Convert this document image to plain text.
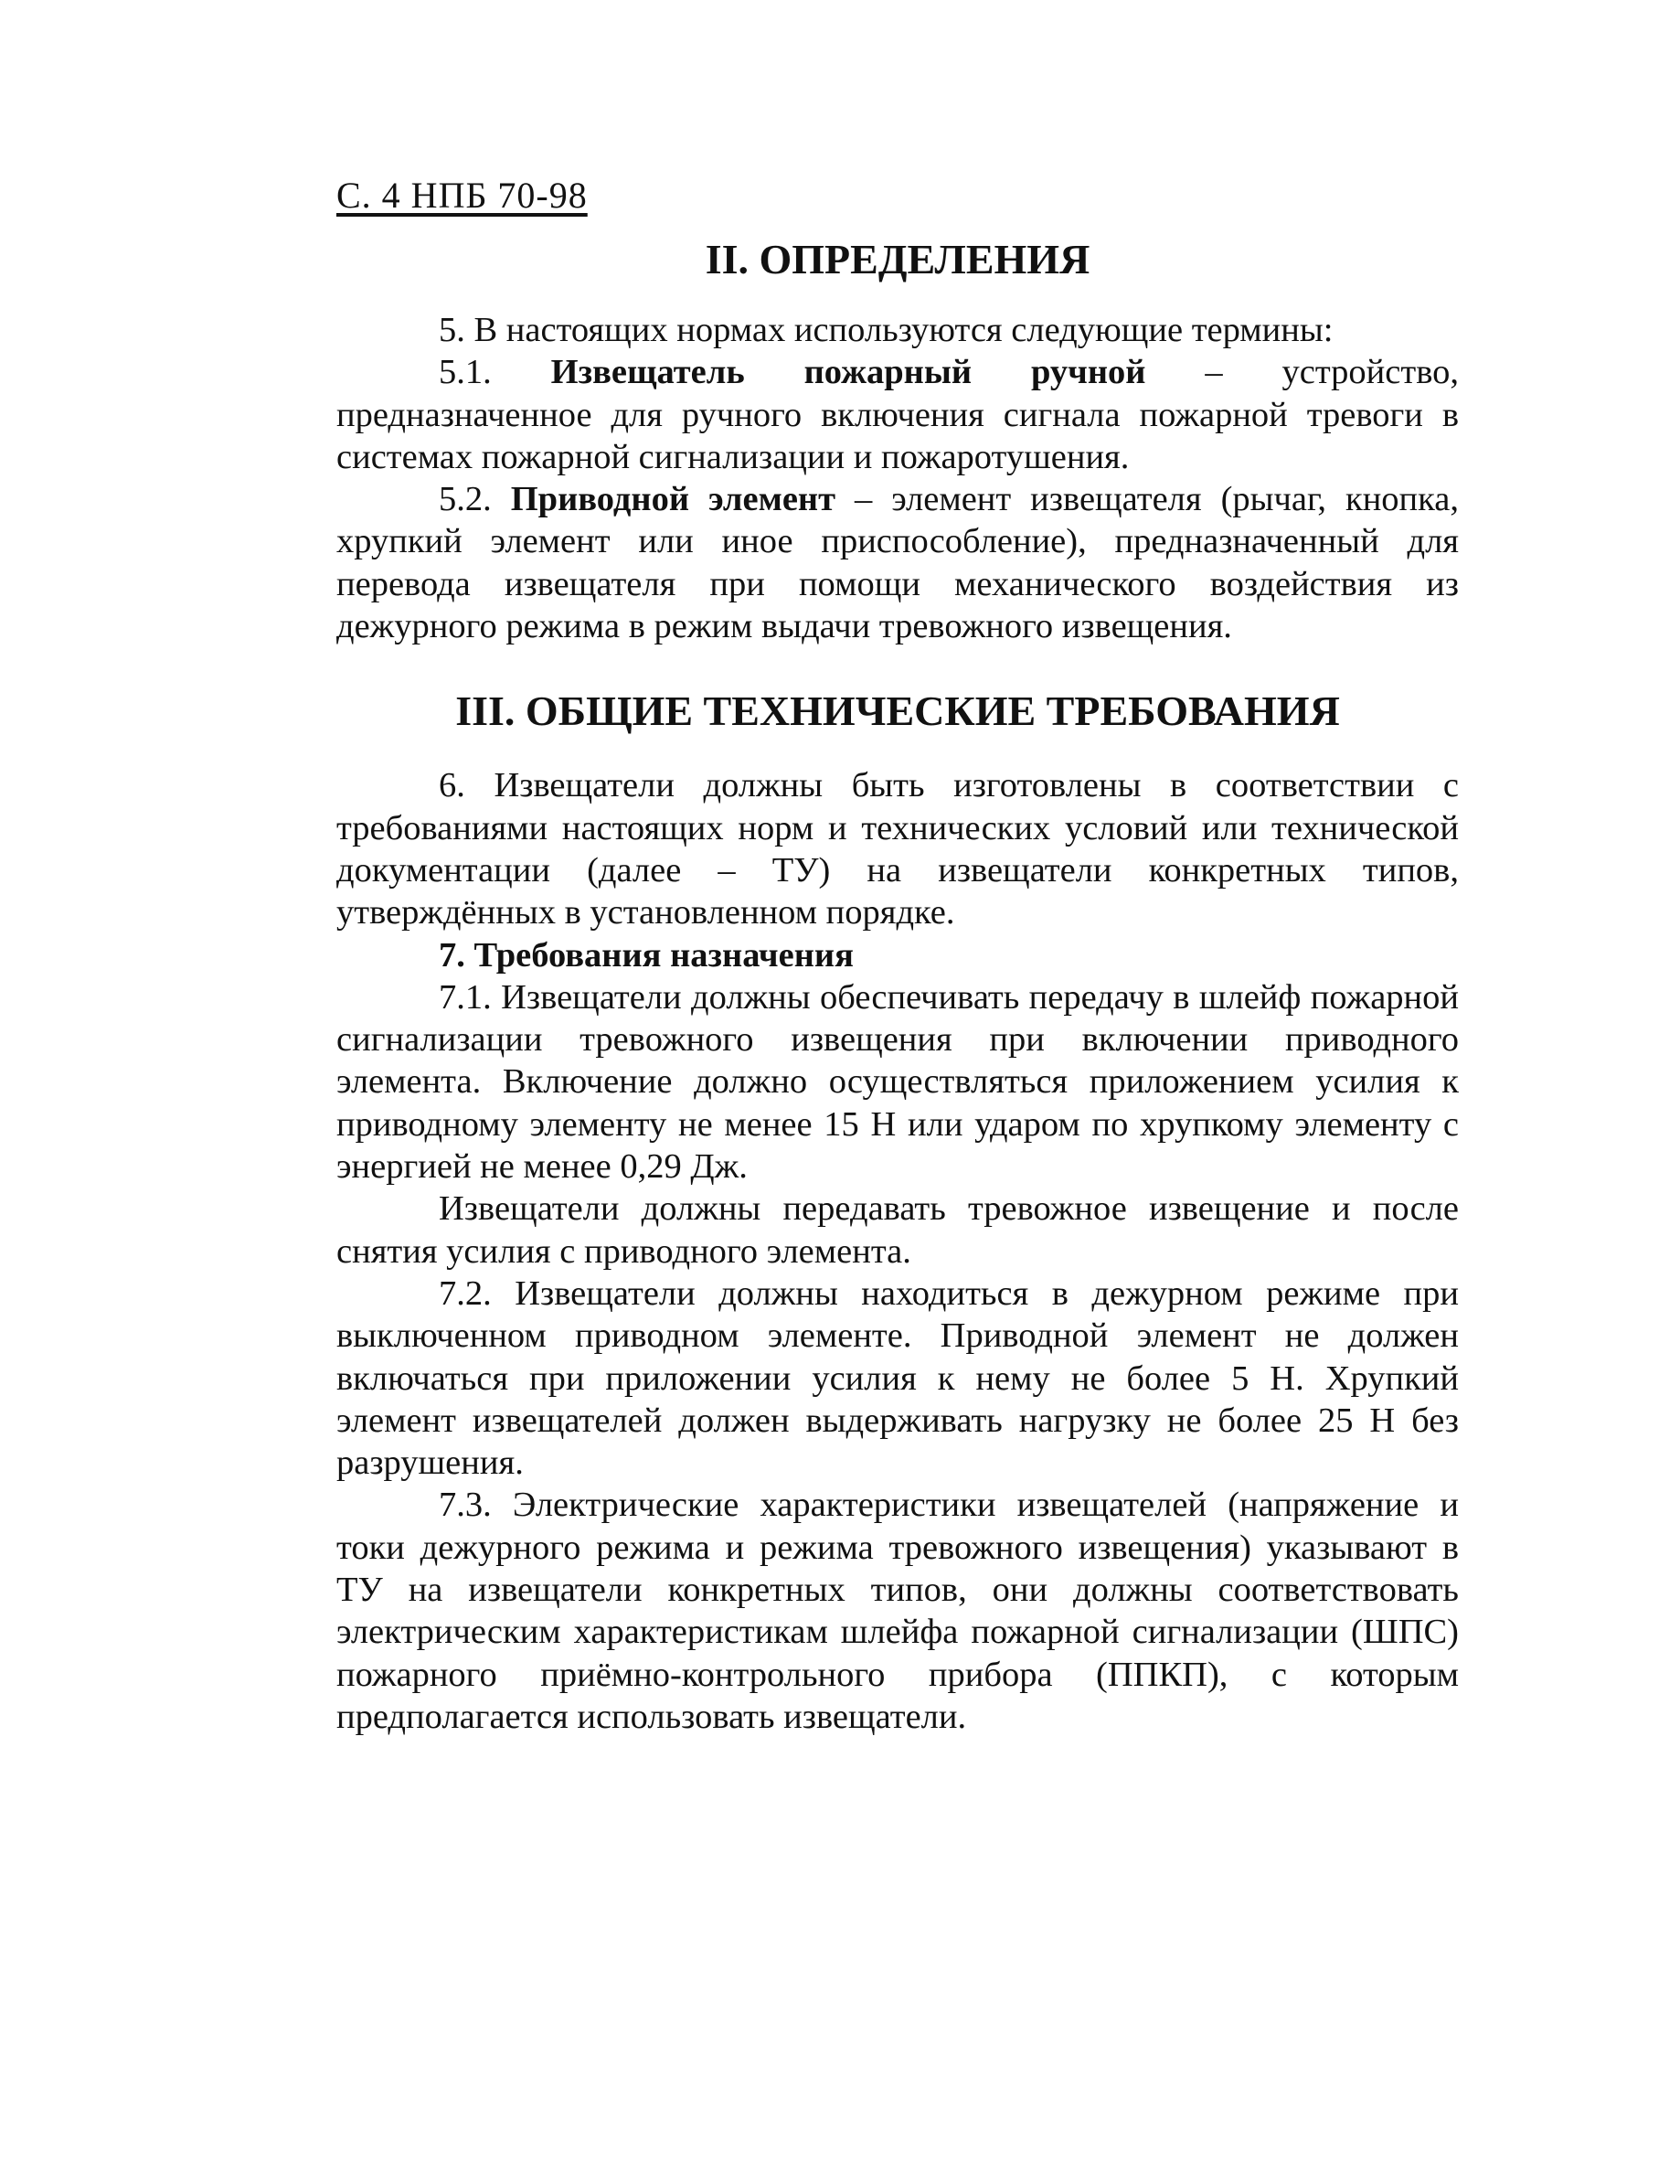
С. 4 НПБ 70-98
II. ОПРЕДЕЛЕНИЯ

5. В настоящих нормах используются следующие термины:

5.1. Извещатель пожарный ручной – устройство, предназначенное для ручного включения сигнала пожарной тревоги в системах пожарной сигнализации и пожаротушения.

5.2. Приводной элемент – элемент извещателя (рычаг, кнопка, хрупкий элемент или иное приспособление), предназначенный для перевода извещателя при помощи механического воздействия из дежурного режима в режим выдачи тревожного извещения.

III. ОБЩИЕ ТЕХНИЧЕСКИЕ ТРЕБОВАНИЯ

6. Извещатели должны быть изготовлены в соответствии с требованиями настоящих норм и технических условий или технической документации (далее – ТУ) на извещатели конкретных типов, утверждённых в установленном порядке.

7. Требования назначения

7.1. Извещатели должны обеспечивать передачу в шлейф пожарной сигнализации тревожного извещения при включении приводного элемента. Включение должно осуществляться приложением усилия к приводному элементу не менее 15 Н или ударом по хрупкому элементу с энергией не менее 0,29 Дж.

Извещатели должны передавать тревожное извещение и после снятия усилия с приводного элемента.

7.2. Извещатели должны находиться в дежурном режиме при выключенном приводном элементе. Приводной элемент не должен включаться при приложении усилия к нему не более 5 Н. Хрупкий элемент извещателей должен выдерживать нагрузку не более 25 Н без разрушения.

7.3. Электрические характеристики извещателей (напряжение и токи дежурного режима и режима тревожного извещения) указывают в ТУ на извещатели конкретных типов, они должны соответствовать электрическим характеристикам шлейфа пожарной сигнализации (ШПС) пожарного приёмно-контрольного прибора (ППКП), с которым предполагается использовать извещатели.
